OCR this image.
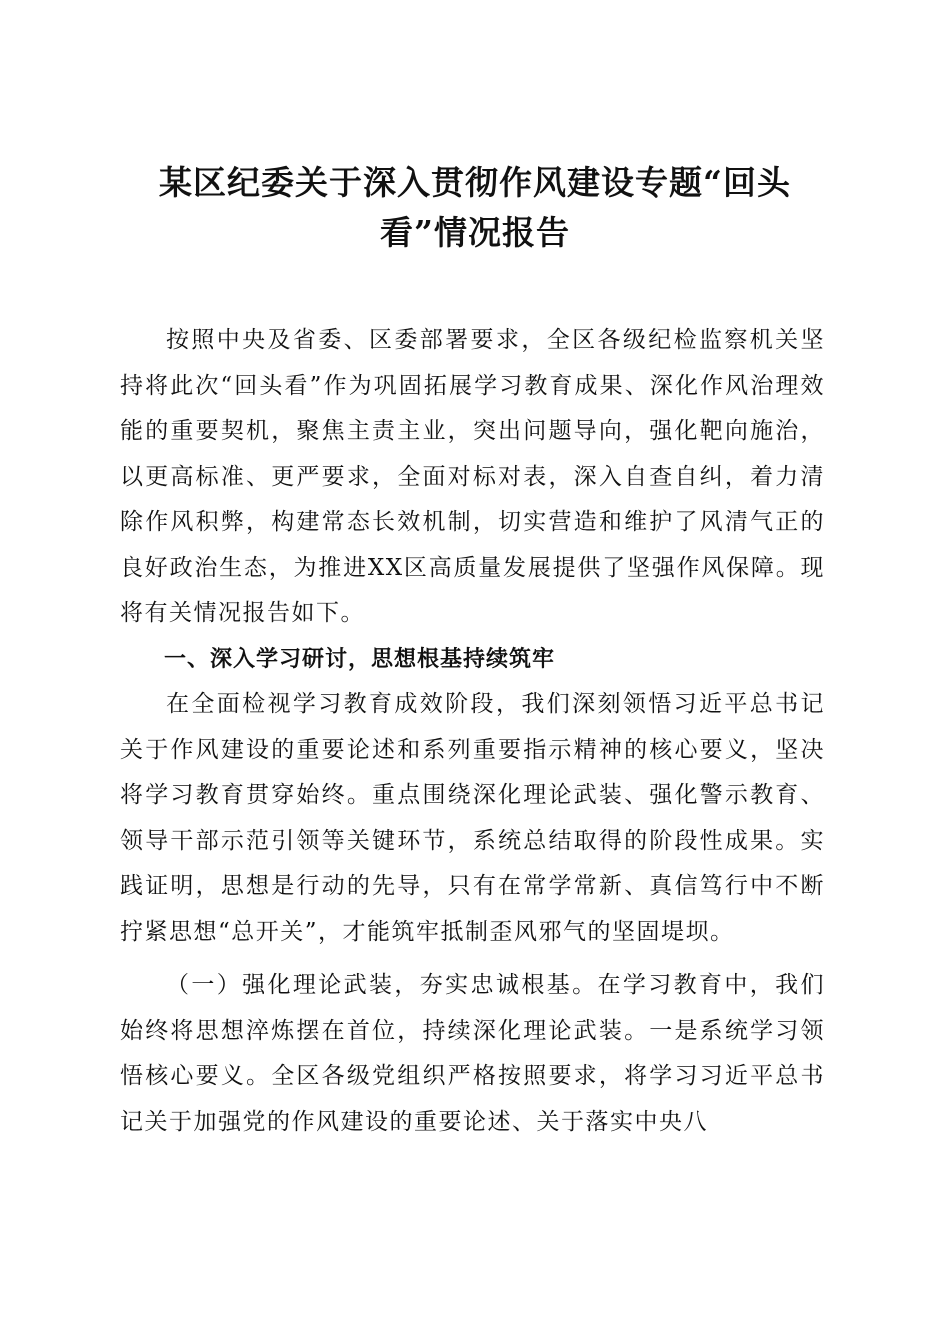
某区纪委关于深入贯彻作风建设专题“回头看”情况报告

按照中央及省委、区委部署要求，全区各级纪检监察机关坚持将此次“回头看”作为巩固拓展学习教育成果、深化作风治理效能的重要契机，聚焦主责主业，突出问题导向，强化靶向施治，以更高标准、更严要求，全面对标对表，深入自查自纠，着力清除作风积弊，构建常态长效机制，切实营造和维护了风清气正的良好政治生态，为推进XX区高质量发展提供了坚强作风保障。现将有关情况报告如下。

一、深入学习研讨，思想根基持续筑牢

在全面检视学习教育成效阶段，我们深刻领悟习近平总书记关于作风建设的重要论述和系列重要指示精神的核心要义，坚决将学习教育贯穿始终。重点围绕深化理论武装、强化警示教育、领导干部示范引领等关键环节，系统总结取得的阶段性成果。实践证明，思想是行动的先导，只有在常学常新、真信笃行中不断拧紧思想“总开关”，才能筑牢抵制歪风邪气的坚固堤坝。

（一）强化理论武装，夯实忠诚根基。在学习教育中，我们始终将思想淬炼摆在首位，持续深化理论武装。一是系统学习领悟核心要义。全区各级党组织严格按照要求，将学习习近平总书记关于加强党的作风建设的重要论述、关于落实中央八
